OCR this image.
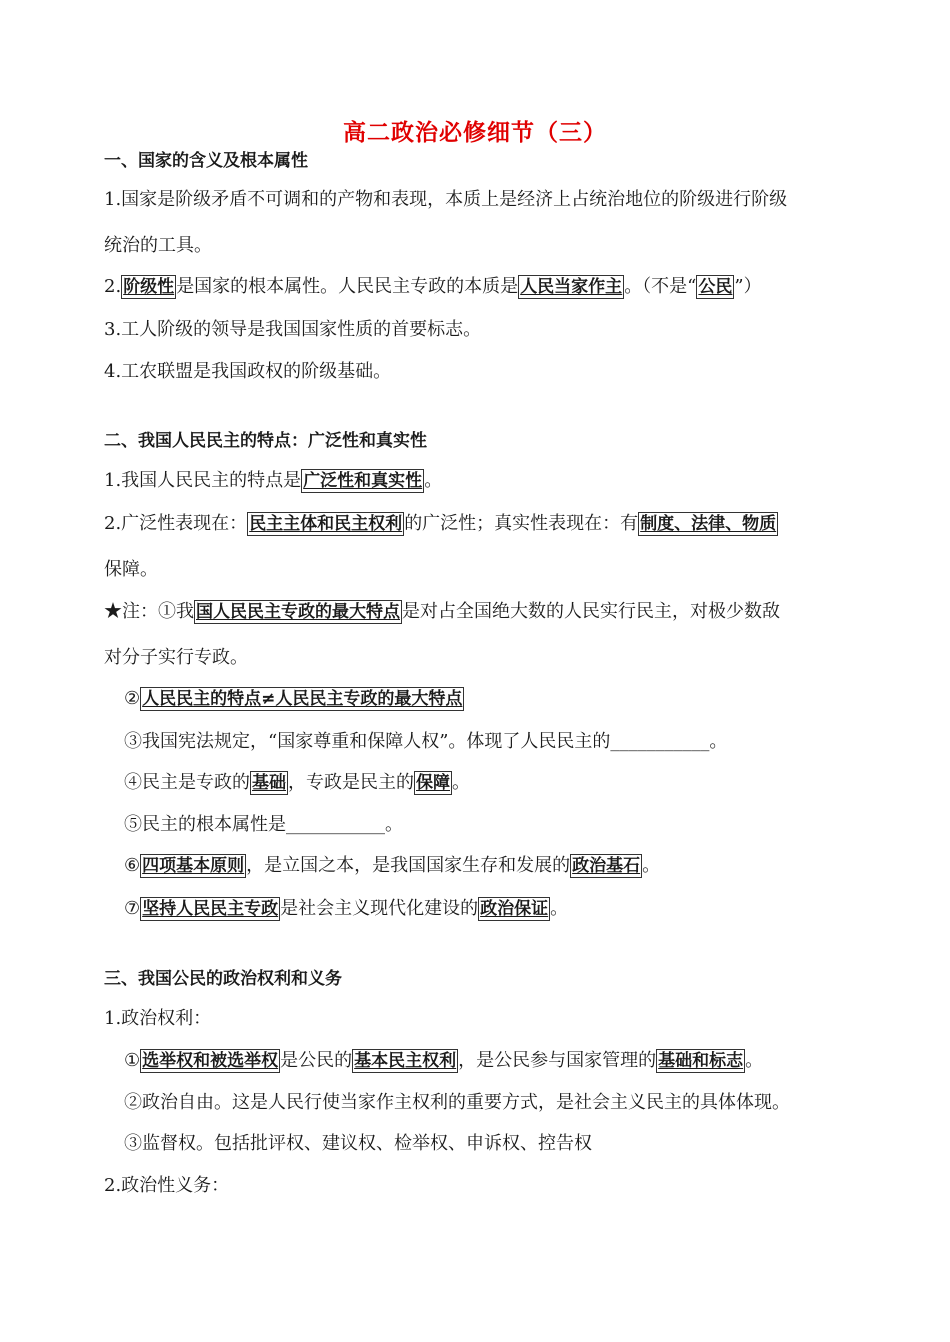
高二政治必修细节（三）
一、国家的含义及根本属性
1.国家是阶级矛盾不可调和的产物和表现，本质上是经济上占统治地位的阶级进行阶级
统治的工具。
2. 阶级性 是国家的根本属性。人民民主专政的本质是 人民当家作主 。（不是“ 公民 ”）
3.工人阶级的领导是我国国家性质的首要标志。
4.工农联盟是我国政权的阶级基础。
二、我国人民民主的特点：广泛性和真实性
1.我国人民民主的特点是 广泛性和真实性 。
2.广泛性表现在： 民主主体和民主权利 的广泛性；真实性表现在：有 制度、法律、物质
保障。
★注：①我 国人民民主专政的最大特点 是对占全国绝大数的人民实行民主，对极少数敌
对分子实行专政。
② 人民民主的特点≠人民民主专政的最大特点
③我国宪法规定，“国家尊重和保障人权”。体现了人民民主的___________。
④民主是专政的 基础 ，专政是民主的 保障 。
⑤民主的根本属性是___________。
⑥ 四项基本原则 ，是立国之本，是我国国家生存和发展的 政治基石 。
⑦ 坚持人民民主专政 是社会主义现代化建设的 政治保证 。
三、我国公民的政治权利和义务
1.政治权利：
① 选举权和被选举权 是公民的 基本民主权利 ，是公民参与国家管理的 基础和标志 。
②政治自由。这是人民行使当家作主权利的重要方式，是社会主义民主的具体体现。
③监督权。包括批评权、建议权、检举权、申诉权、控告权
2.政治性义务：
